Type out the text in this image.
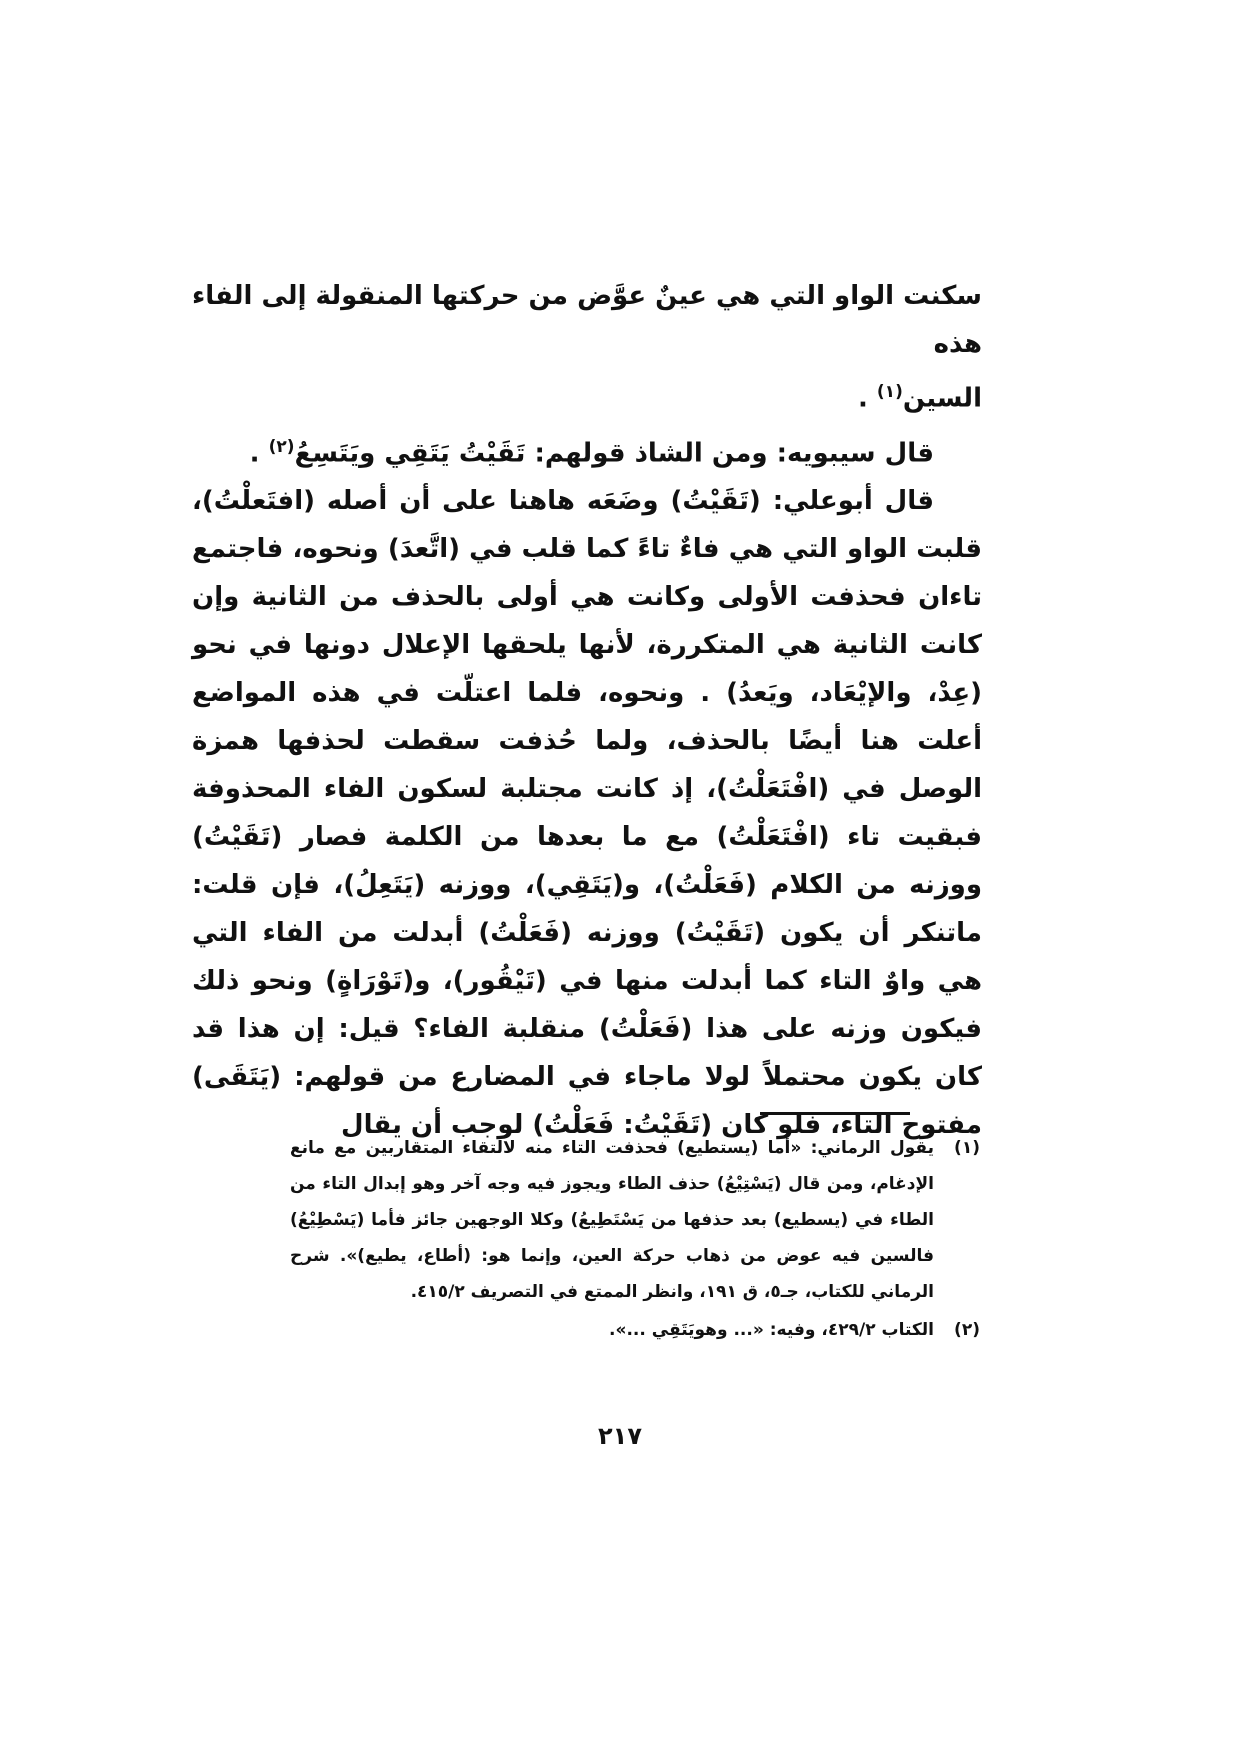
سكنت الواو التي هي عينٌ عوَّض من حركتها المنقولة إلى الفاء هذه
السين$^{(١)}$ .

قال سيبويه: ومن الشاذ قولهم: تَقَيْتُ يَتَقِي ويَتَسِعُ$^{(٢)}$ .

قال أبوعلي: (تَقَيْتُ) وضَعَه هاهنا على أن أصله (افتَعلْتُ)، قلبت الواو التي هي فاءٌ تاءً كما قلب في (اتَّعدَ) ونحوه، فاجتمع تاءان فحذفت الأولى وكانت هي أولى بالحذف من الثانية وإن كانت الثانية هي المتكررة، لأنها يلحقها الإعلال دونها في نحو (عِدْ، والإيْعَاد، ويَعدُ) . ونحوه، فلما اعتلّت في هذه المواضع أعلت هنا أيضًا بالحذف، ولما حُذفت سقطت لحذفها همزة الوصل في (افْتَعَلْتُ)، إذ كانت مجتلبة لسكون الفاء المحذوفة فبقيت تاء (افْتَعَلْتُ) مع ما بعدها من الكلمة فصار (تَقَيْتُ) ووزنه من الكلام (فَعَلْتُ)، و(يَتَقِي)، ووزنه (يَتَعِلُ)، فإن قلت: ماتنكر أن يكون (تَقَيْتُ) ووزنه (فَعَلْتُ) أبدلت من الفاء التي هي واوٌ التاء كما أبدلت منها في (تَيْقُور)، و(تَوْرَاةٍ) ونحو ذلك فيكون وزنه على هذا (فَعَلْتُ) منقلبة الفاء؟ قيل: إن هذا قد كان يكون محتملاً لولا ماجاء في المضارع من قولهم: (يَتَقَى) مفتوح التاء، فلو كان (تَقَيْتُ: فَعَلْتُ) لوجب أن يقال

(١)
يقول الرماني: «أما (يستطيع) فحذفت التاء منه لالتقاء المتقاربين مع مانع الإدغام، ومن قال (يَسْتِيْعُ) حذف الطاء ويجوز فيه وجه آخر وهو إبدال التاء من الطاء في (يسطيع) بعد حذفها من يَسْتَطِيعُ) وكلا الوجهين جائز فأما (يَسْطِيْعُ) فالسين فيه عوض من ذهاب حركة العين، وإنما هو: (أطاع، يطيع)». شرح الرماني للكتاب، جـ٥، ق ١٩١، وانظر الممتع في التصريف ٤١٥/٢.
(٢)
الكتاب ٤٢٩/٢، وفيه: «... وهويَتَقِي ...».
٢١٧
